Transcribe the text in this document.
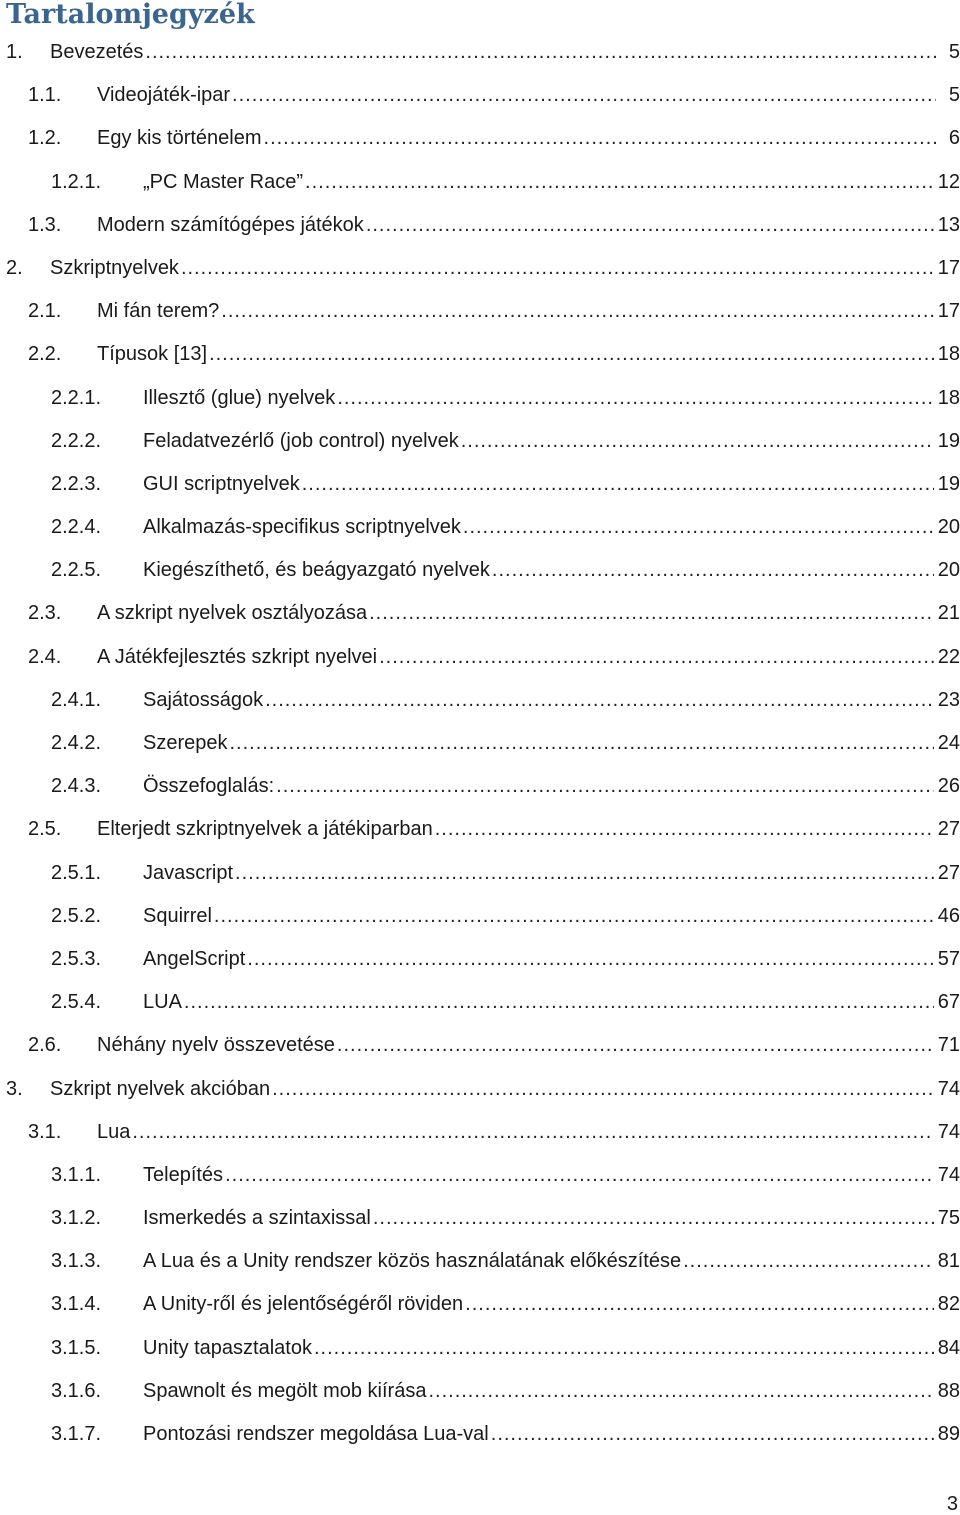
Tartalomjegyzék
1. Bevezetés .....	5
1.1. Videojáték-ipar .....	5
1.2. Egy kis történelem .....	6
1.2.1. „PC Master Race” .....	12
1.3. Modern számítógépes játékok .....	13
2. Szkriptnyelvek .....	17
2.1. Mi fán terem? .....	17
2.2. Típusok [13] .....	18
2.2.1. Illesztő (glue) nyelvek .....	18
2.2.2. Feladatvezérlő (job control) nyelvek .....	19
2.2.3. GUI scriptnyelvek .....	19
2.2.4. Alkalmazás-specifikus scriptnyelvek .....	20
2.2.5. Kiegészíthető, és beágyazgató nyelvek .....	20
2.3. A szkript nyelvek osztályozása .....	21
2.4. A Játékfejlesztés szkript nyelvei .....	22
2.4.1. Sajátosságok .....	23
2.4.2. Szerepek .....	24
2.4.3. Összefoglalás: .....	26
2.5. Elterjedt szkriptnyelvek a játékiparban .....	27
2.5.1. Javascript .....	27
2.5.2. Squirrel .....	46
2.5.3. AngelScript .....	57
2.5.4. LUA .....	67
2.6. Néhány nyelv összevetése .....	71
3. Szkript nyelvek akcióban .....	74
3.1. Lua .....	74
3.1.1. Telepítés .....	74
3.1.2. Ismerkedés a szintaxissal .....	75
3.1.3. A Lua és a Unity rendszer közös használatának előkészítése .....	81
3.1.4. A Unity-ről és jelentőségéről röviden .....	82
3.1.5. Unity tapasztalatok .....	84
3.1.6. Spawnolt és megölt mob kiírása .....	88
3.1.7. Pontozási rendszer megoldása Lua-val .....	89
3
